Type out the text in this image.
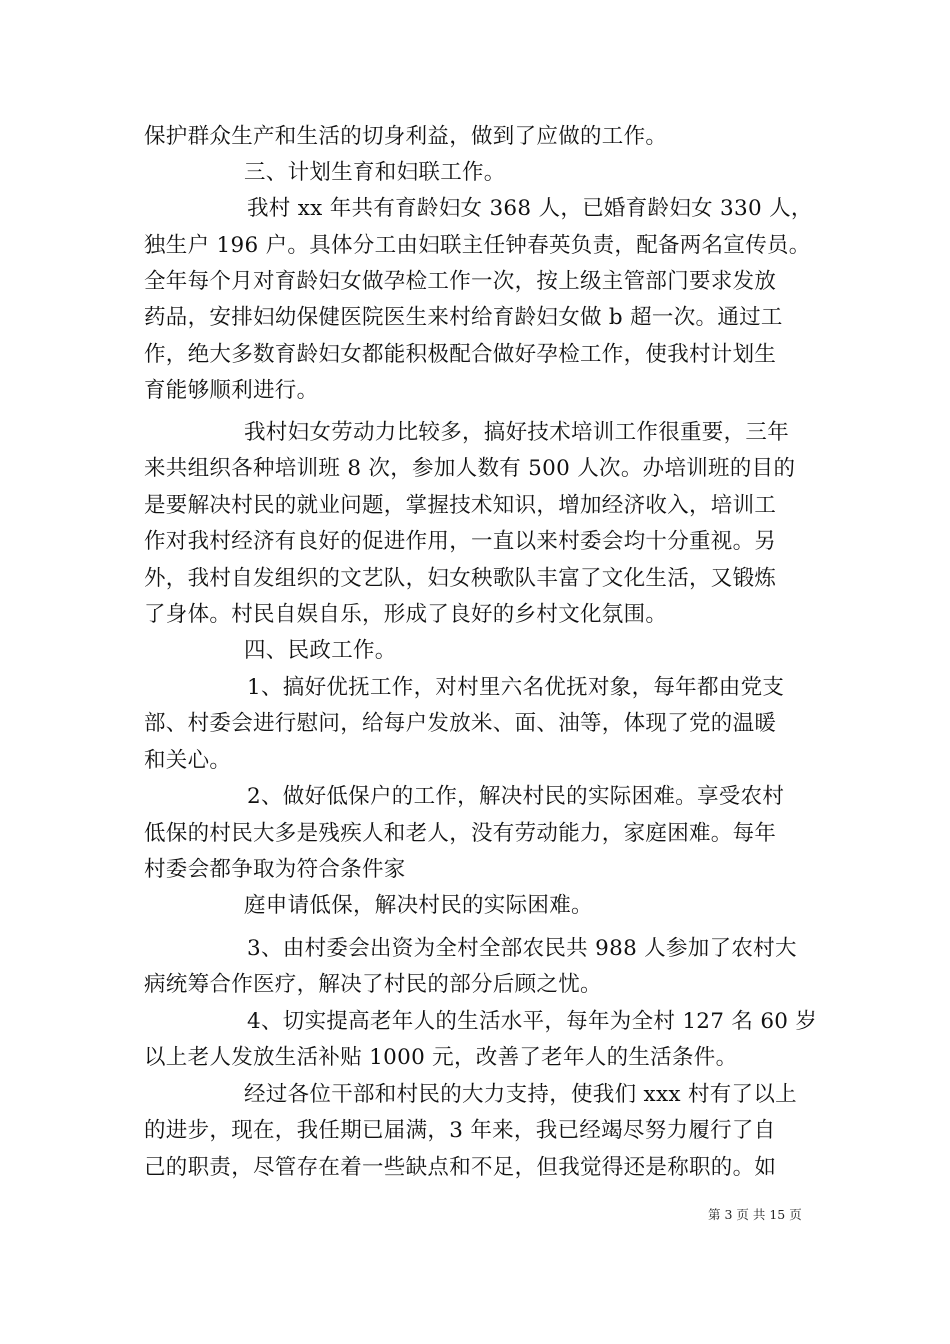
保护群众生产和生活的切身利益，做到了应做的工作。
三、计划生育和妇联工作。
我村 xx 年共有育龄妇女 368 人，已婚育龄妇女 330 人，
独生户 196 户。具体分工由妇联主任钟春英负责，配备两名宣传员。
全年每个月对育龄妇女做孕检工作一次，按上级主管部门要求发放
药品，安排妇幼保健医院医生来村给育龄妇女做 b 超一次。通过工
作，绝大多数育龄妇女都能积极配合做好孕检工作，使我村计划生
育能够顺利进行。
我村妇女劳动力比较多，搞好技术培训工作很重要，三年
来共组织各种培训班 8 次，参加人数有 500 人次。办培训班的目的
是要解决村民的就业问题，掌握技术知识，增加经济收入，培训工
作对我村经济有良好的促进作用，一直以来村委会均十分重视。另
外，我村自发组织的文艺队，妇女秧歌队丰富了文化生活，又锻炼
了身体。村民自娱自乐，形成了良好的乡村文化氛围。
四、民政工作。
1、搞好优抚工作，对村里六名优抚对象，每年都由党支
部、村委会进行慰问，给每户发放米、面、油等，体现了党的温暖
和关心。
2、做好低保户的工作，解决村民的实际困难。享受农村
低保的村民大多是残疾人和老人，没有劳动能力，家庭困难。每年
村委会都争取为符合条件家
庭申请低保，解决村民的实际困难。
3、由村委会出资为全村全部农民共 988 人参加了农村大
病统筹合作医疗，解决了村民的部分后顾之忧。
4、切实提高老年人的生活水平，每年为全村 127 名 60 岁
以上老人发放生活补贴 1000 元，改善了老年人的生活条件。
经过各位干部和村民的大力支持，使我们 xxx 村有了以上
的进步，现在，我任期已届满，3 年来，我已经竭尽努力履行了自
己的职责，尽管存在着一些缺点和不足，但我觉得还是称职的。如
第 3 页 共 15 页
